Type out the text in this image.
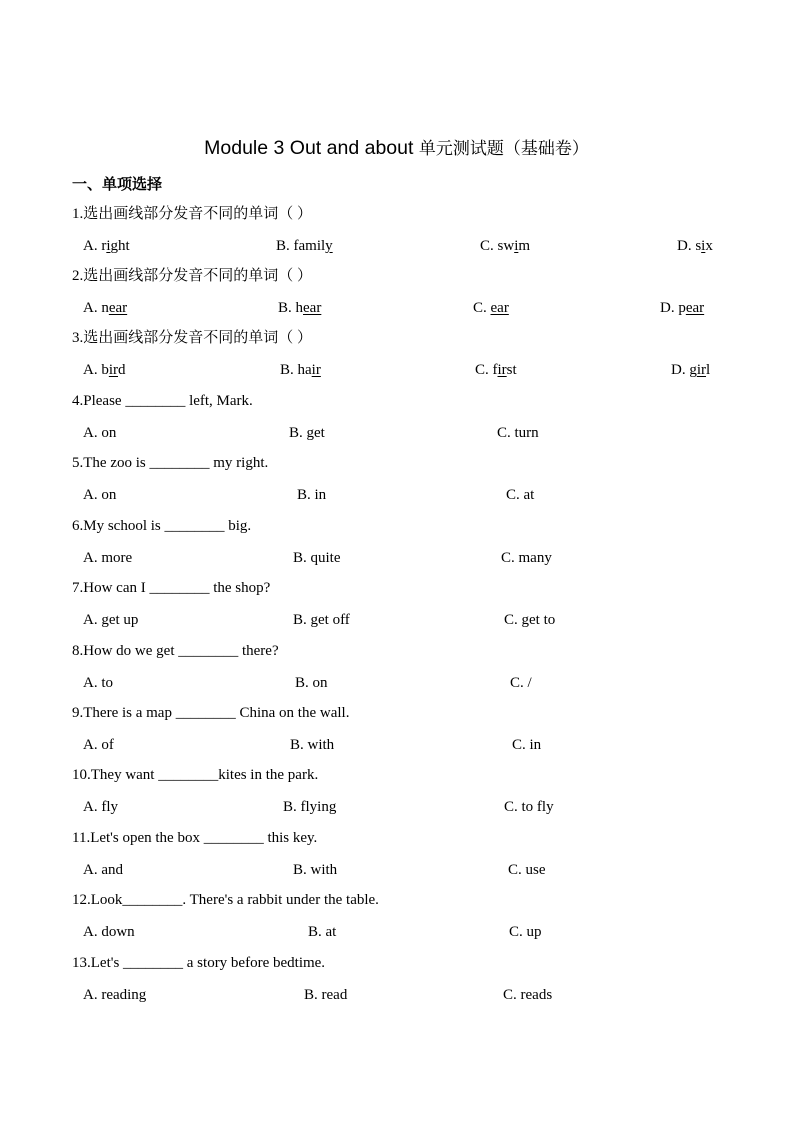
Module 3 Out and about 单元测试题（基础卷）
一、单项选择
1.选出画线部分发音不同的单词（ ）
A. right	B. family	C. swim	D. six
2.选出画线部分发音不同的单词（ ）
A. near	B. hear	C. ear	D. pear
3.选出画线部分发音不同的单词（ ）
A. bird	B. hair	C. first	D. girl
4.Please ________ left, Mark.
A. on	B. get	C. turn
5.The zoo is ________ my right.
A. on	B. in	C. at
6.My school is ________ big.
A. more	B. quite	C. many
7.How can I ________ the shop?
A. get up	B. get off	C. get to
8.How do we get ________ there?
A. to	B. on	C. /
9.There is a map ________ China on the wall.
A. of	B. with	C. in
10.They want ________kites in the park.
A. fly	B. flying	C. to fly
11.Let's open the box ________ this key.
A. and	B. with	C. use
12.Look________. There's a rabbit under the table.
A. down	B. at	C. up
13.Let's ________ a story before bedtime.
A. reading	B. read	C. reads
